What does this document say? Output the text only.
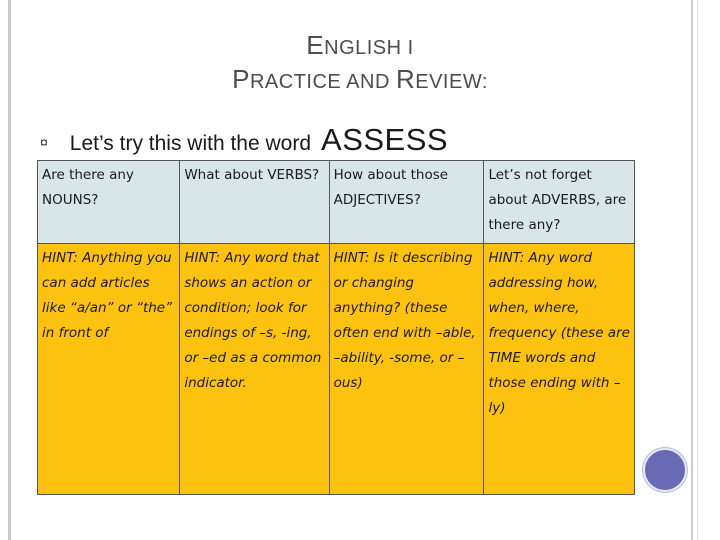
ENGLISH I
PRACTICE AND REVIEW:
¤ Let’s try this with the word ASSESS
Are there any NOUNS?	What about VERBS?	How about those ADJECTIVES?	Let’s not forget about ADVERBS, are there any?
HINT: Anything you can add articles like “a/an” or “the” in front of	HINT: Any word that shows an action or condition; look for endings of –s, -ing, or –ed as a common indicator.	HINT: Is it describing or changing anything? (these often end with –able, –ability, -some, or –ous)	HINT: Any word addressing how, when, where, frequency (these are TIME words and those ending with –ly)
